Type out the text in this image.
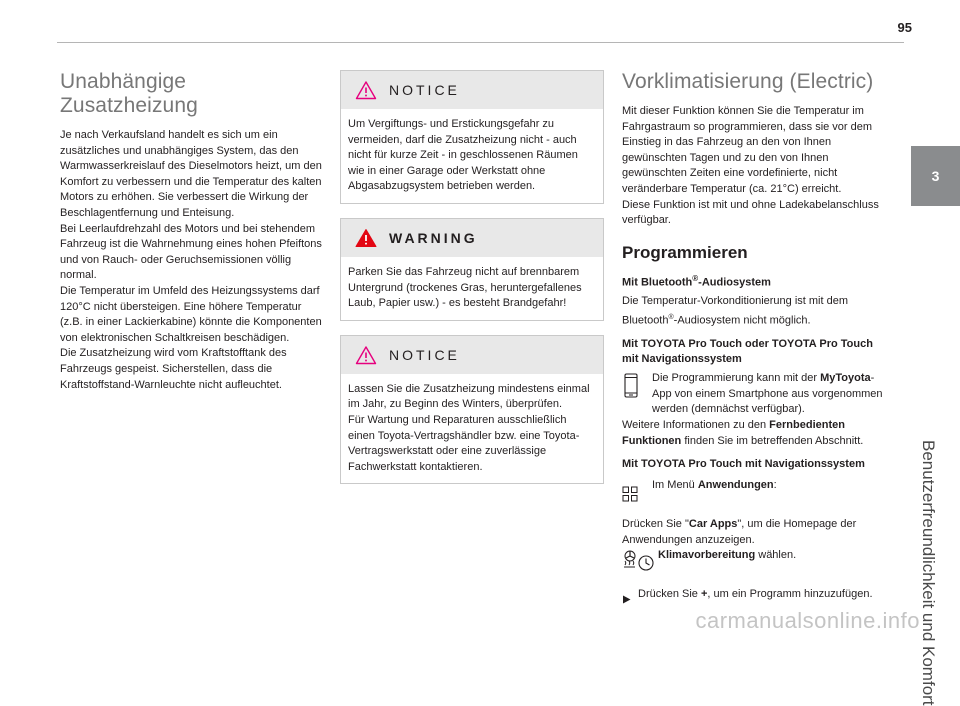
95
3
Benutzerfreundlichkeit und Komfort
Unabhängige Zusatzheizung

Je nach Verkaufsland handelt es sich um ein zusätzliches und unabhängiges System, das den Warmwasserkreislauf des Dieselmotors heizt, um den Komfort zu verbessern und die Temperatur des kalten Motors zu erhöhen. Sie verbessert die Wirkung der Beschlagentfernung und Enteisung.

Bei Leerlaufdrehzahl des Motors und bei stehendem Fahrzeug ist die Wahrnehmung eines hohen Pfeiftons und von Rauch- oder Geruchsemissionen völlig normal.

Die Temperatur im Umfeld des Heizungssystems darf 120°C nicht übersteigen. Eine höhere Temperatur (z.B. in einer Lackierkabine) könnte die Komponenten von elektronischen Schaltkreisen beschädigen.

Die Zusatzheizung wird vom Kraftstofftank des Fahrzeugs gespeist. Sicherstellen, dass die Kraftstoffstand-Warnleuchte nicht aufleuchtet.

NOTICE
Um Vergiftungs- und Erstickungsgefahr zu vermeiden, darf die Zusatzheizung nicht - auch nicht für kurze Zeit - in geschlossenen Räumen wie in einer Garage oder Werkstatt ohne Abgasabzugsystem betrieben werden.
WARNING
Parken Sie das Fahrzeug nicht auf brennbarem Untergrund (trockenes Gras, heruntergefallenes Laub, Papier usw.) - es besteht Brandgefahr!
NOTICE
Lassen Sie die Zusatzheizung mindestens einmal im Jahr, zu Beginn des Winters, überprüfen.
Für Wartung und Reparaturen ausschließlich einen Toyota-Vertragshändler bzw. eine Toyota-Vertragswerkstatt oder eine zuverlässige Fachwerkstatt kontaktieren.
Vorklimatisierung (Electric)

Mit dieser Funktion können Sie die Temperatur im Fahrgastraum so programmieren, dass sie vor dem Einstieg in das Fahrzeug an den von Ihnen gewünschten Tagen und zu den von Ihnen gewünschten Zeiten eine vordefinierte, nicht veränderbare Temperatur (ca. 21°C) erreicht.

Diese Funktion ist mit und ohne Ladekabelanschluss verfügbar.

Programmieren
Mit Bluetooth®-Audiosystem

Die Temperatur-Vorkonditionierung ist mit dem Bluetooth®-Audiosystem nicht möglich.

Mit TOYOTA Pro Touch oder TOYOTA Pro Touch mit Navigationssystem
Die Programmierung kann mit der MyToyota-App von einem Smartphone aus vorgenommen werden (demnächst verfügbar).

Weitere Informationen zu den Fernbedienten Funktionen finden Sie im betreffenden Abschnitt.

Mit TOYOTA Pro Touch mit Navigationssystem
Im Menü Anwendungen:

Drücken Sie "Car Apps", um die Homepage der Anwendungen anzuzeigen.

Klimavorbereitung wählen.
Drücken Sie +, um ein Programm hinzuzufügen.
carmanualsonline.info
